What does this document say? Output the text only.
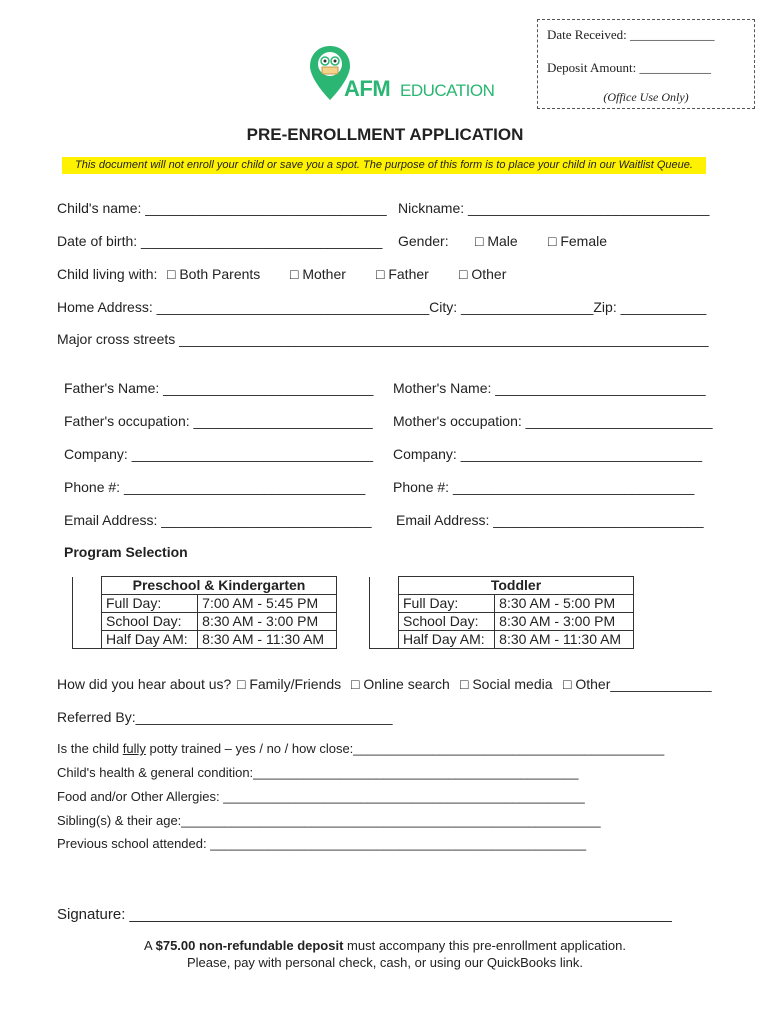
Date Received: _____________
Deposit Amount: ___________
(Office Use Only)
AFM EDUCATION
PRE-ENROLLMENT APPLICATION
This document will not enroll your child or save you a spot. The purpose of this form is to place your child in our Waitlist Queue.
Child's name: _______________________________ Nickname: _______________________________
Date of birth: _______________________________ Gender: □ Male □ Female
Child living with: □ Both Parents □ Mother □ Father □ Other
Home Address: ___________________________________City: _________________Zip: ___________
Major cross streets ____________________________________________________________________
Father's Name: ___________________________ Mother's Name: ___________________________
Father's occupation: _______________________ Mother's occupation: ________________________
Company: _______________________________ Company: _______________________________
Phone #: _______________________________ Phone #: _______________________________
Email Address: ___________________________ Email Address: ___________________________
Program Selection
	Preschool & Kindergarten	
	Full Day:	7:00 AM - 5:45 PM
	School Day:	8:30 AM - 3:00 PM
	Half Day AM:	8:30 AM - 11:30 AM
	Toddler	
	Full Day:	8:30 AM - 5:00 PM
	School Day:	8:30 AM - 3:00 PM
	Half Day AM:	8:30 AM - 11:30 AM
How did you hear about us? □ Family/Friends □ Online search □ Social media □ Other_____________
Referred By:_________________________________
Is the child fully potty trained – yes / no / how close:___________________________________________
Child's health & general condition:_____________________________________________
Food and/or Other Allergies: __________________________________________________
Sibling(s) & their age:__________________________________________________________
Previous school attended: ____________________________________________________
Signature: _________________________________________________________________
A $75.00 non-refundable deposit must accompany this pre-enrollment application.
Please, pay with personal check, cash, or using our QuickBooks link.
